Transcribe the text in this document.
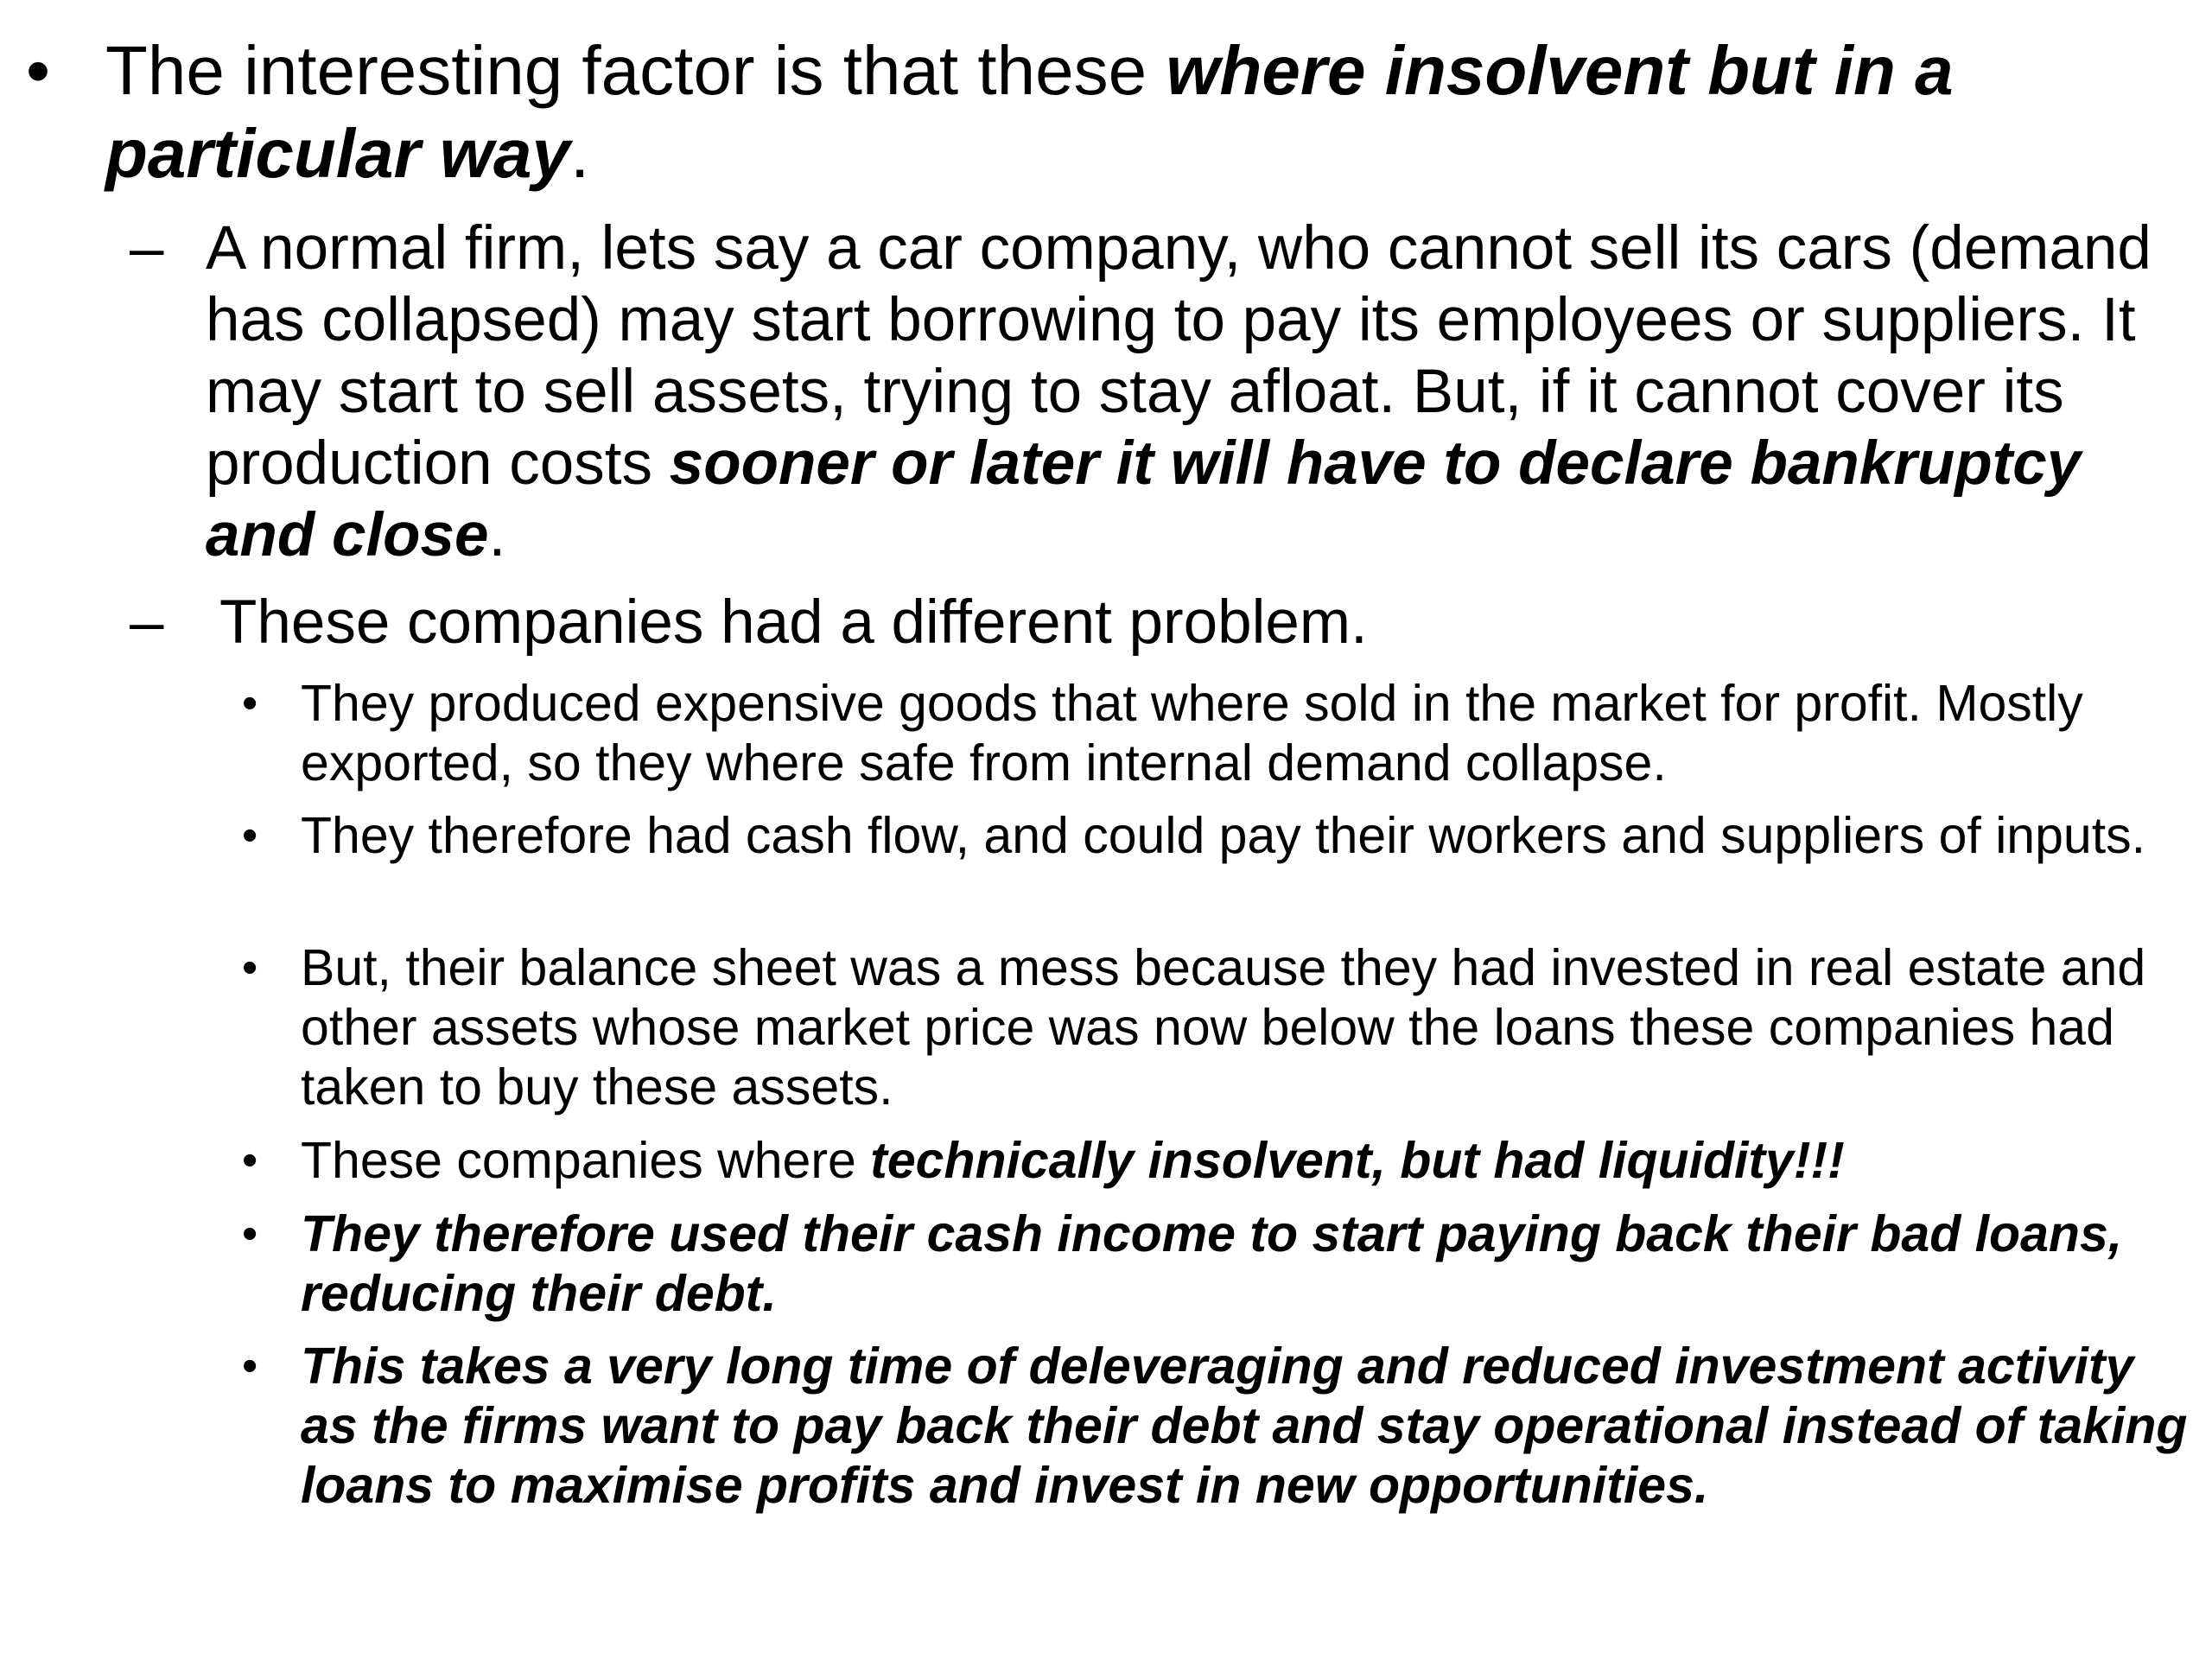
• The interesting factor is that these where insolvent but in a particular way.
– A normal firm, lets say a car company, who cannot sell its cars (demand has collapsed) may start borrowing to pay its employees or suppliers. It may start to sell assets, trying to stay afloat. But, if it cannot cover its production costs sooner or later it will have to declare bankruptcy and close.
– These companies had a different problem.
• They produced expensive goods that where sold in the market for profit. Mostly exported, so they where safe from internal demand collapse.
• They therefore had cash flow, and could pay their workers and suppliers of inputs.
• But, their balance sheet was a mess because they had invested in real estate and other assets whose market price was now below the loans these companies had taken to buy these assets.
• These companies where technically insolvent, but had liquidity!!!
• They therefore used their cash income to start paying back their bad loans, reducing their debt.
• This takes a very long time of deleveraging and reduced investment activity as the firms want to pay back their debt and stay operational instead of taking loans to maximise profits and invest in new opportunities.
